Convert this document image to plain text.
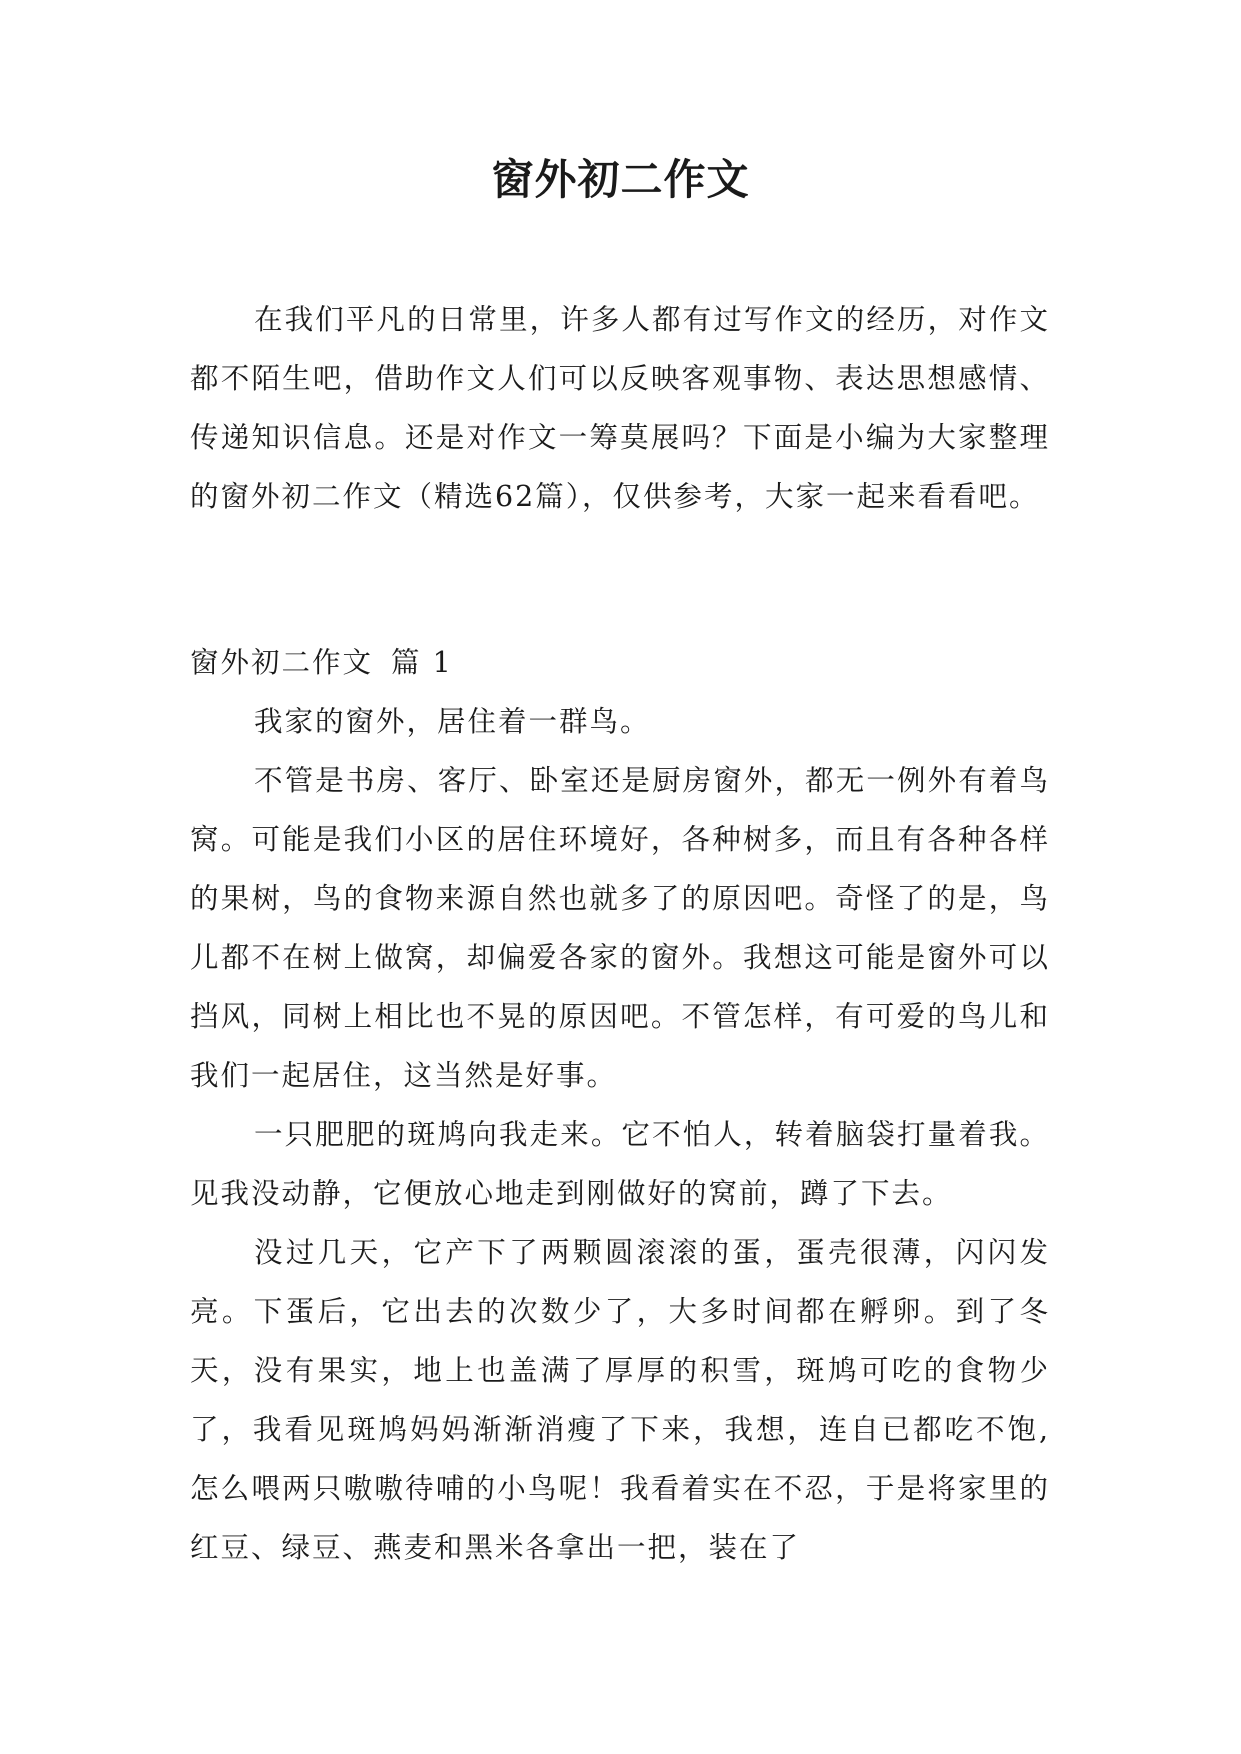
窗外初二作文

在我们平凡的日常里，许多人都有过写作文的经历，对作文都不陌生吧，借助作文人们可以反映客观事物、表达思想感情、传递知识信息。还是对作文一筹莫展吗？下面是小编为大家整理的窗外初二作文（精选62篇），仅供参考，大家一起来看看吧。

窗外初二作文 篇 1

我家的窗外，居住着一群鸟。

不管是书房、客厅、卧室还是厨房窗外，都无一例外有着鸟窝。可能是我们小区的居住环境好，各种树多，而且有各种各样的果树，鸟的食物来源自然也就多了的原因吧。奇怪了的是，鸟儿都不在树上做窝，却偏爱各家的窗外。我想这可能是窗外可以挡风，同树上相比也不晃的原因吧。不管怎样，有可爱的鸟儿和我们一起居住，这当然是好事。

一只肥肥的斑鸠向我走来。它不怕人，转着脑袋打量着我。见我没动静，它便放心地走到刚做好的窝前，蹲了下去。

没过几天，它产下了两颗圆滚滚的蛋，蛋壳很薄，闪闪发亮。下蛋后，它出去的次数少了，大多时间都在孵卵。到了冬天，没有果实，地上也盖满了厚厚的积雪，斑鸠可吃的食物少了，我看见斑鸠妈妈渐渐消瘦了下来，我想，连自已都吃不饱,怎么喂两只嗷嗷待哺的小鸟呢！我看着实在不忍，于是将家里的红豆、绿豆、燕麦和黑米各拿出一把，装在了
